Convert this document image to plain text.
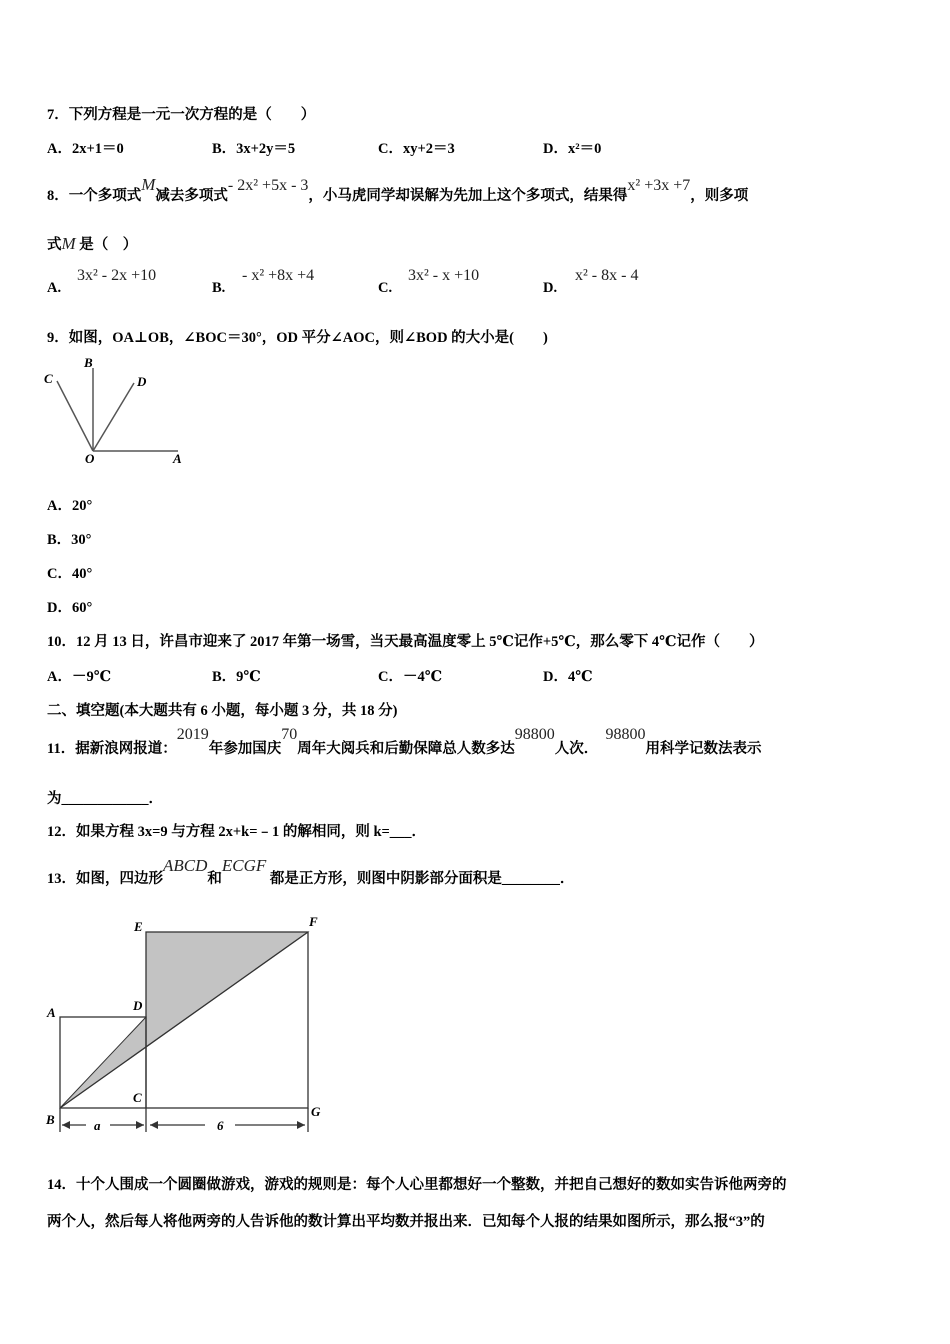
7．下列方程是一元一次方程的是（　　）
A．2x+1＝0	B．3x+2y＝5	C．xy+2＝3	D．x²＝0
8．一个多项式M减去多项式- 2x² +5x - 3，小马虎同学却误解为先加上这个多项式，结果得x² +3x +7，则多项
式M 是（　）
A.
3x² - 2x +10
B.
- x² +8x +4
C.
3x² - x +10
D.
x² - 8x - 4
9．如图，OA⊥OB，∠BOC＝30°，OD 平分∠AOC，则∠BOD 的大小是(　　)
C
B
D
O	A
E	F
A	D
B
C
G
a	6
A．20°
B．30°
C．40°
D．60°
10．12 月 13 日，许昌市迎来了 2017 年第一场雪，当天最高温度零上 5℃记作+5℃，那么零下 4℃记作（　　）
A．－9℃	B．9℃	C．－4℃	D．4℃
二、填空题(本大题共有 6 小题，每小题 3 分，共 18 分)
11．据新浪网报道：2019年参加国庆70周年大阅兵和后勤保障总人数多达98800人次．　98800用科学记数法表示
为____________．
12．如果方程 3x=9 与方程 2x+k=﹣1 的解相同，则 k=___．
13．如图，四边形ABCD和ECGF 都是正方形，则图中阴影部分面积是________．
14．十个人围成一个圆圈做游戏，游戏的规则是：每个人心里都想好一个整数，并把自己想好的数如实告诉他两旁的
两个人，然后每人将他两旁的人告诉他的数计算出平均数并报出来．已知每个人报的结果如图所示，那么报“3”的
